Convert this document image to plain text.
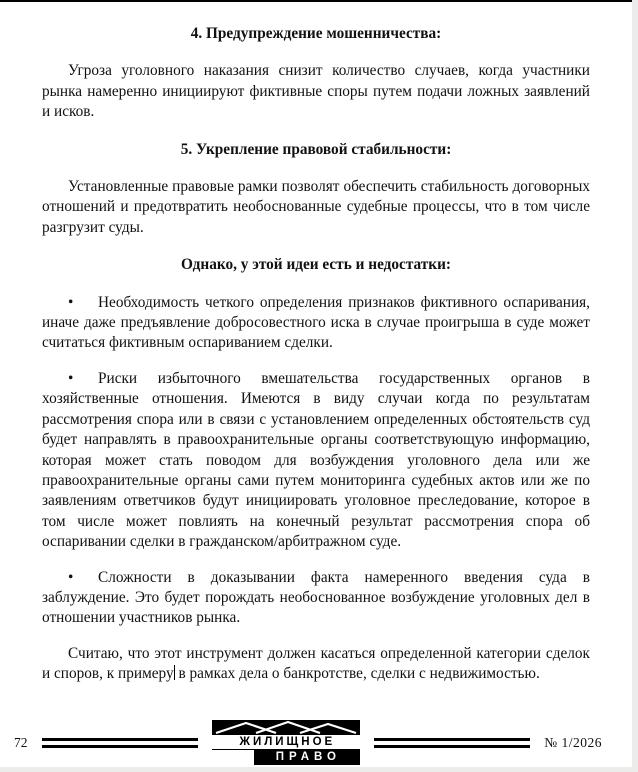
4. Предупреждение мошенничества:

Угроза уголовного наказания снизит количество случаев, когда участники рынка намеренно инициируют фиктивные споры путем подачи ложных заявлений и исков.

5. Укрепление правовой стабильности:

Установленные правовые рамки позволят обеспечить стабильность договорных отношений и предотвратить необоснованные судебные процессы, что в том числе разгрузит суды.

Однако, у этой идеи есть и недостатки:

• Необходимость четкого определения признаков фиктивного оспаривания, иначе даже предъявление добросовестного иска в случае проигрыша в суде может считаться фиктивным оспариванием сделки.

• Риски избыточного вмешательства государственных органов в хозяйственные отношения. Имеются в виду случаи когда по результатам рассмотрения спора или в связи с установлением определенных обстоятельств суд будет направлять в правоохранительные органы соответствующую информацию, которая может стать поводом для возбуждения уголовного дела или же правоохранительные органы сами путем мониторинга судебных актов или же по заявлениям ответчиков будут инициировать уголовное преследование, которое в том числе может повлиять на конечный результат рассмотрения спора об оспаривании сделки в гражданском/арбитражном суде.

• Сложности в доказывании факта намеренного введения суда в заблуждение. Это будет порождать необоснованное возбуждение уголовных дел в отношении участников рынка.

Считаю, что этот инструмент должен касаться определенной категории сделок и споров, к примеру в рамках дела о банкротстве, сделки с недвижимостью.

72	ЖИЛИЩНОЕ
ПРАВО
№ 1/2026
